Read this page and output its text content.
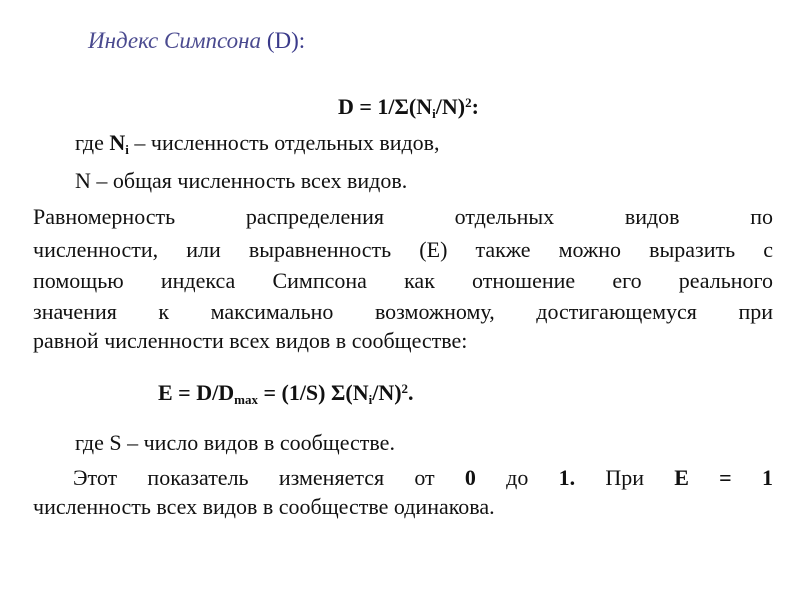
Индекс Симпсона (D):
$D = 1/\Sigma(N_i/N)^2$:
где $N_i$ – численность отдельных видов,
N – общая численность всех видов.
Равномерность распределения отдельных видов по
численности, или выравненность (E) также можно выразить с
помощью индекса Симпсона как отношение его реального
значения к максимально возможному, достигающемуся при
равной численности всех видов в сообществе:
$E = D/D_{max} = (1/S)$ $\Sigma(N_i/N)^2$.
где S – число видов в сообществе.
Этот показатель изменяется от 0 до 1. При E = 1
численность всех видов в сообществе одинакова.
